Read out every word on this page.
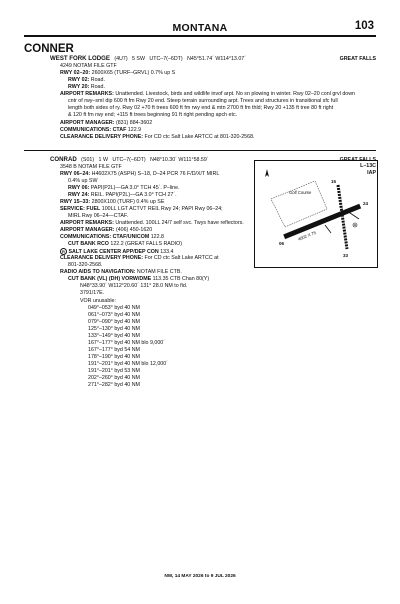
MONTANA	103
CONNER
WEST FORK LODGE (4U7) 5 SW UTC–7(–6DT) N45°51.74´ W114°13.07´	GREAT FALLS
4249 NOTAM FILE GTF
RWY 02–20: 2600X65 (TURF–GRVL) 0.7% up S
RWY 02: Road.
RWY 20: Road.
AIRPORT REMARKS: Unattended. Livestock, birds and wildlife invof arpt. No sn plowing in winter. Rwy 02–20 conl grvl down
cntr of rwy–smI dip 600 ft fm Rwy 20 end. Steep terrain surrounding arpt. Trees and structures in transitional sfc full
length both sides of ry. Rwy 02 +70 ft trees 600 ft fm rwy end & mtn 2700 ft fm thld; Rwy 20 +135 ft tree 80 ft right
& 120 ft fm rwy end; +115 ft trees beginning 91 ft right pending apch etc.
AIRPORT MANAGER: (831) 884-3602
COMMUNICATIONS: CTAF 122.9
CLEARANCE DELIVERY PHONE: For CD ctc Salt Lake ARTCC at 801-320-2568.
CONRAD (S01) 1 W UTC–7(–6DT) N48°10.30´ W111°58.59´	GREAT FALLS
L–13C
IAP
3548 B NOTAM FILE GTF
RWY 06–24: H4602X75 (ASPH) S–18, D–24 PCR 76 F/D/X/T MIRL
0.4% up SW
RWY 06: PAPI(P2L)—GA 3.0° TCH 45´. P–line.
RWY 24: REIL. PAPI(P2L)—GA 3.0° TCH 27´.
RWY 15–33: 2800X100 (TURF) 0.4% up SE
SERVICE: FUEL 100LL LGT ACTVT REIL Rwy 24; PAPI Rwy 06–24;
MIRL Rwy 06–24—CTAF.
AIRPORT REMARKS: Unattended. 100LL 24/7 self svc. Twys have reflectors.
AIRPORT MANAGER: (406) 450-1620
COMMUNICATIONS: CTAF/UNICOM 122.8
CUT BANK RCO 122.2 (GREAT FALLS RADIO)
R SALT LAKE CENTER APP/DEP CON 133.4
CLEARANCE DELIVERY PHONE: For CD ctc Salt Lake ARTCC at
801-320-2568.
RADIO AIDS TO NAVIGATION: NOTAM FILE CTB.
CUT BANK (VL) (DH) VORW/DME 113.35 CTB Chan 80(Y)
N48°33.90´ W112°20.60´ 131° 28.0 NM to fld.
3791/17E.
VOR unusable:
049°–053° byd 40 NM
061°–073° byd 40 NM
079°–090° byd 40 NM
125°–130° byd 40 NM
133°–149° byd 40 NM
167°–177° byd 40 NM blo 9,000´
167°–177° byd 54 NM
178°–190° byd 40 NM
191°–201° byd 40 NM blo 12,000´
191°–201° byd 53 NM
202°–260° byd 40 NM
271°–282° byd 40 NM
Golf Course
4602 X 75
06
24
15
33
NW, 14 MAY 2026 to 9 JUL 2026
